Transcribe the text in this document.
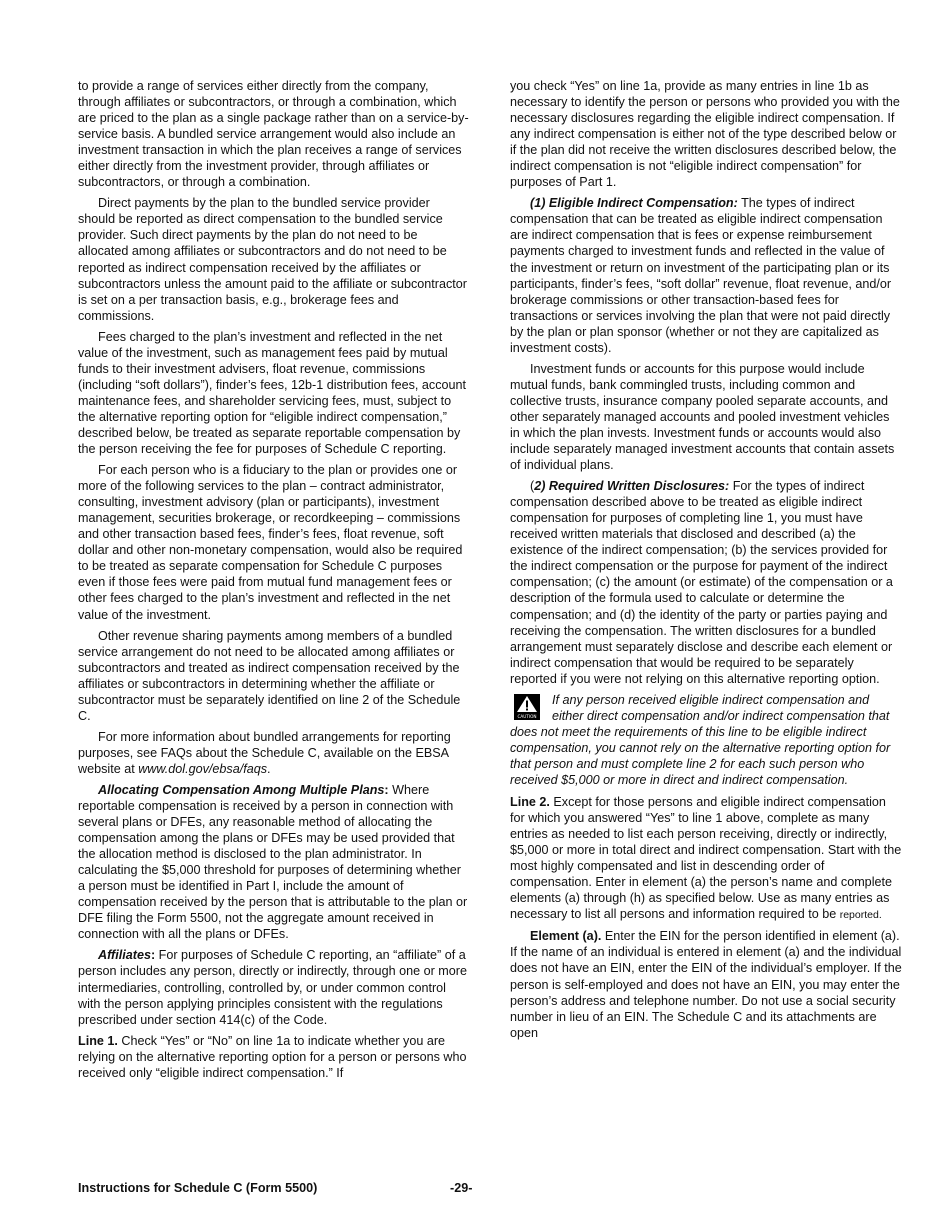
to provide a range of services either directly from the company, through affiliates or subcontractors, or through a combination, which are priced to the plan as a single package rather than on a service-by-service basis. A bundled service arrangement would also include an investment transaction in which the plan receives a range of services either directly from the investment provider, through affiliates or subcontractors, or through a combination.

Direct payments by the plan to the bundled service provider should be reported as direct compensation to the bundled service provider. Such direct payments by the plan do not need to be allocated among affiliates or subcontractors and do not need to be reported as indirect compensation received by the affiliates or subcontractors unless the amount paid to the affiliate or subcontractor is set on a per transaction basis, e.g., brokerage fees and commissions.

Fees charged to the plan’s investment and reflected in the net value of the investment, such as management fees paid by mutual funds to their investment advisers, float revenue, commissions (including “soft dollars”), finder’s fees, 12b-1 distribution fees, account maintenance fees, and shareholder servicing fees, must, subject to the alternative reporting option for “eligible indirect compensation,” described below, be treated as separate reportable compensation by the person receiving the fee for purposes of Schedule C reporting.

For each person who is a fiduciary to the plan or provides one or more of the following services to the plan – contract administrator, consulting, investment advisory (plan or participants), investment management, securities brokerage, or recordkeeping – commissions and other transaction based fees, finder’s fees, float revenue, soft dollar and other non-monetary compensation, would also be required to be treated as separate compensation for Schedule C purposes even if those fees were paid from mutual fund management fees or other fees charged to the plan’s investment and reflected in the net value of the investment.

Other revenue sharing payments among members of a bundled service arrangement do not need to be allocated among affiliates or subcontractors and treated as indirect compensation received by the affiliates or subcontractors in determining whether the affiliate or subcontractor must be separately identified on line 2 of the Schedule C.

For more information about bundled arrangements for reporting purposes, see FAQs about the Schedule C, available on the EBSA website at www.dol.gov/ebsa/faqs.

Allocating Compensation Among Multiple Plans: Where reportable compensation is received by a person in connection with several plans or DFEs, any reasonable method of allocating the compensation among the plans or DFEs may be used provided that the allocation method is disclosed to the plan administrator. In calculating the $5,000 threshold for purposes of determining whether a person must be identified in Part I, include the amount of compensation received by the person that is attributable to the plan or DFE filing the Form 5500, not the aggregate amount received in connection with all the plans or DFEs.

Affiliates: For purposes of Schedule C reporting, an “affiliate” of a person includes any person, directly or indirectly, through one or more intermediaries, controlling, controlled by, or under common control with the person applying principles consistent with the regulations prescribed under section 414(c) of the Code.

Line 1. Check “Yes” or “No” on line 1a to indicate whether you are relying on the alternative reporting option for a person or persons who received only “eligible indirect compensation.” If

you check “Yes” on line 1a, provide as many entries in line 1b as necessary to identify the person or persons who provided you with the necessary disclosures regarding the eligible indirect compensation. If any indirect compensation is either not of the type described below or if the plan did not receive the written disclosures described below, the indirect compensation is not “eligible indirect compensation” for purposes of Part 1.

(1) Eligible Indirect Compensation: The types of indirect compensation that can be treated as eligible indirect compensation are indirect compensation that is fees or expense reimbursement payments charged to investment funds and reflected in the value of the investment or return on investment of the participating plan or its participants, finder’s fees, “soft dollar” revenue, float revenue, and/or brokerage commissions or other transaction-based fees for transactions or services involving the plan that were not paid directly by the plan or plan sponsor (whether or not they are capitalized as investment costs).

Investment funds or accounts for this purpose would include mutual funds, bank commingled trusts, including common and collective trusts, insurance company pooled separate accounts, and other separately managed accounts and pooled investment vehicles in which the plan invests. Investment funds or accounts would also include separately managed investment accounts that contain assets of individual plans.

(2) Required Written Disclosures: For the types of indirect compensation described above to be treated as eligible indirect compensation for purposes of completing line 1, you must have received written materials that disclosed and described (a) the existence of the indirect compensation; (b) the services provided for the indirect compensation or the purpose for payment of the indirect compensation; (c) the amount (or estimate) of the compensation or a description of the formula used to calculate or determine the compensation; and (d) the identity of the party or parties paying and receiving the compensation. The written disclosures for a bundled arrangement must separately disclose and describe each element or indirect compensation that would be required to be separately reported if you were not relying on this alternative reporting option.

CAUTION

If any person received eligible indirect compensation and either direct compensation and/or indirect compensation that does not meet the requirements of this line to be eligible indirect compensation, you cannot rely on the alternative reporting option for that person and must complete line 2 for each such person who received $5,000 or more in direct and indirect compensation.

Line 2. Except for those persons and eligible indirect compensation for which you answered “Yes” to line 1 above, complete as many entries as needed to list each person receiving, directly or indirectly, $5,000 or more in total direct and indirect compensation. Start with the most highly compensated and list in descending order of compensation. Enter in element (a) the person’s name and complete elements (a) through (h) as specified below. Use as many entries as necessary to list all persons and information required to be reported.

Element (a). Enter the EIN for the person identified in element (a). If the name of an individual is entered in element (a) and the individual does not have an EIN, enter the EIN of the individual’s employer. If the person is self-employed and does not have an EIN, you may enter the person’s address and telephone number. Do not use a social security number in lieu of an EIN. The Schedule C and its attachments are open

Instructions for Schedule C (Form 5500)	-29-
